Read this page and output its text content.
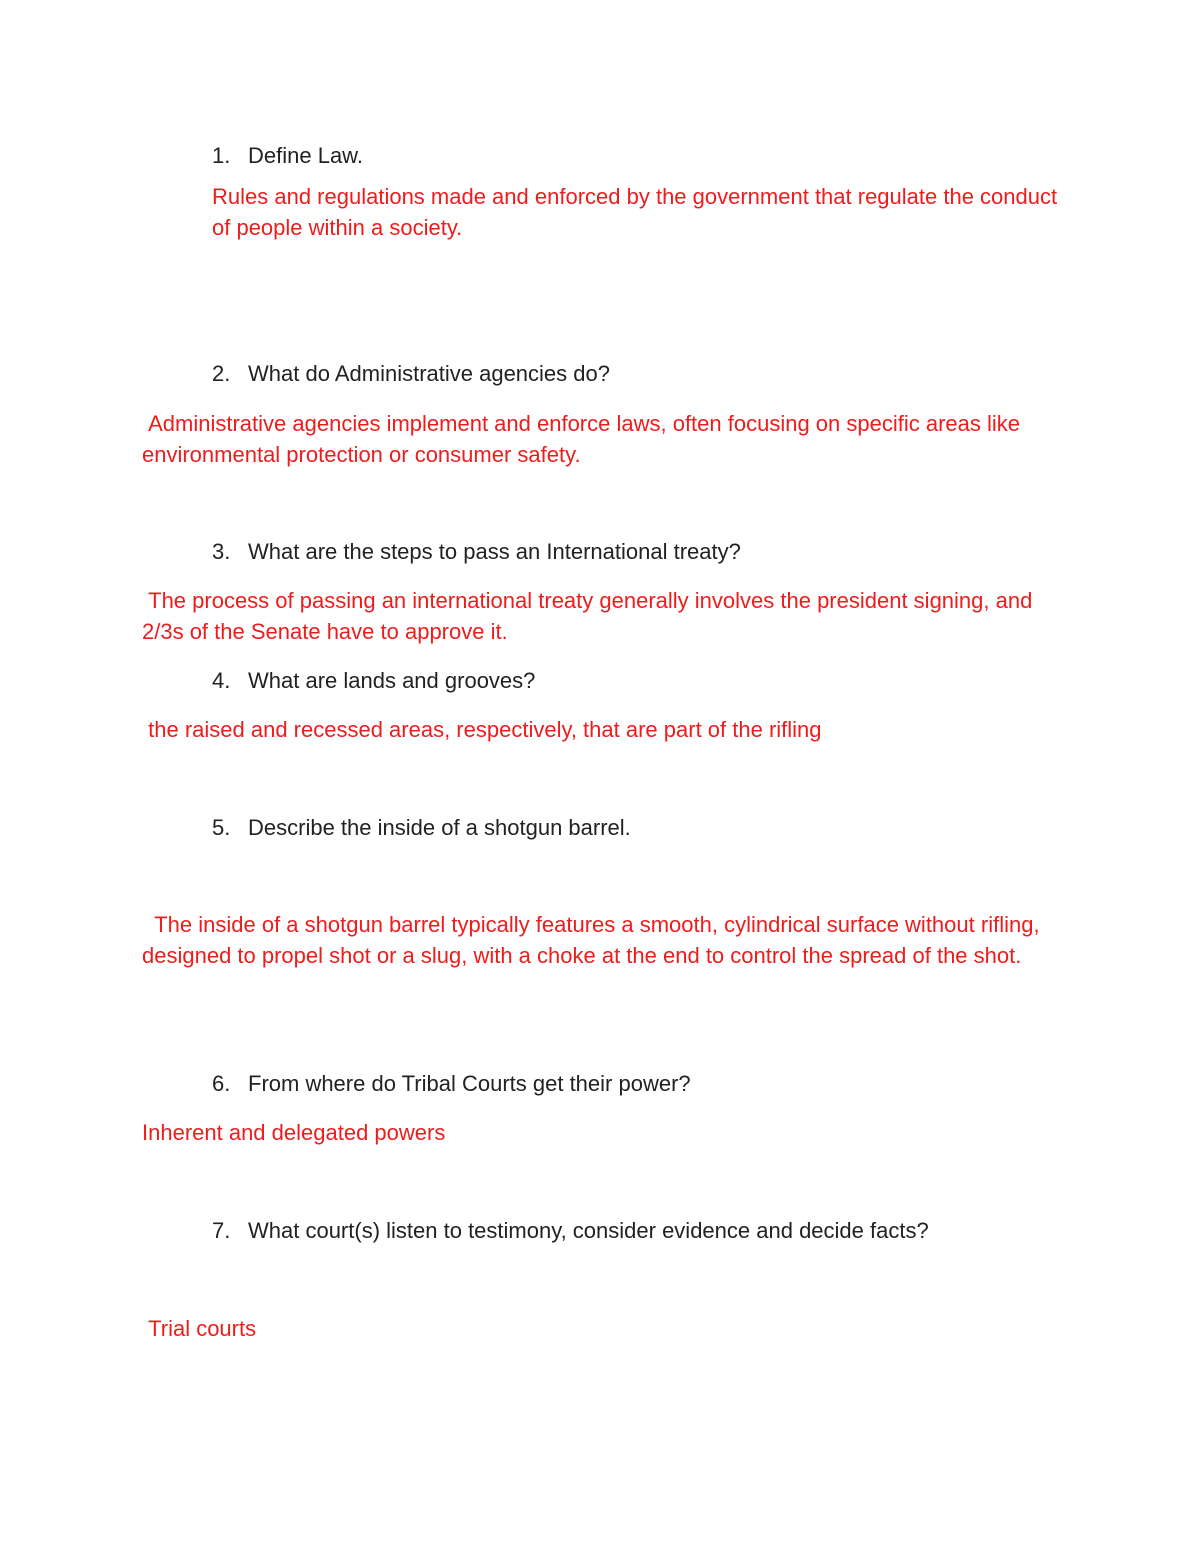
1. Define Law.
Rules and regulations made and enforced by the government that regulate the conduct of people within a society.
2. What do Administrative agencies do?
Administrative agencies implement and enforce laws, often focusing on specific areas like environmental protection or consumer safety.
3. What are the steps to pass an International treaty?
The process of passing an international treaty generally involves the president signing, and 2/3s of the Senate have to approve it.
4. What are lands and grooves?
the raised and recessed areas, respectively, that are part of the rifling
5. Describe the inside of a shotgun barrel.
The inside of a shotgun barrel typically features a smooth, cylindrical surface without rifling, designed to propel shot or a slug, with a choke at the end to control the spread of the shot.
6. From where do Tribal Courts get their power?
Inherent and delegated powers
7. What court(s) listen to testimony, consider evidence and decide facts?
Trial courts
